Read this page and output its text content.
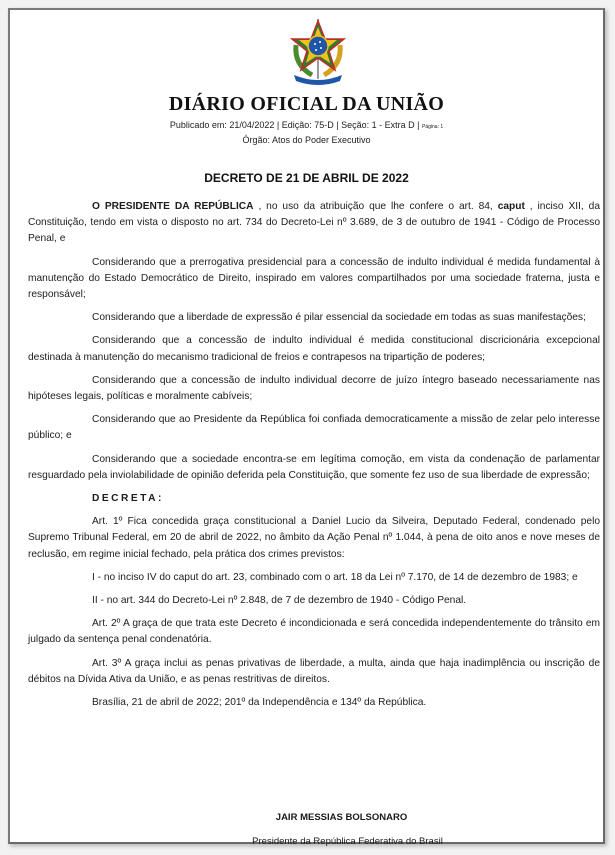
DIÁRIO OFICIAL DA UNIÃO
Publicado em: 21/04/2022 | Edição: 75-D | Seção: 1 - Extra D | Página: 1
Órgão: Atos do Poder Executivo
DECRETO DE 21 DE ABRIL DE 2022

O PRESIDENTE DA REPÚBLICA , no uso da atribuição que lhe confere o art. 84, caput , inciso XII, da Constituição, tendo em vista o disposto no art. 734 do Decreto-Lei nº 3.689, de 3 de outubro de 1941 - Código de Processo Penal, e

Considerando que a prerrogativa presidencial para a concessão de indulto individual é medida fundamental à manutenção do Estado Democrático de Direito, inspirado em valores compartilhados por uma sociedade fraterna, justa e responsável;

Considerando que a liberdade de expressão é pilar essencial da sociedade em todas as suas manifestações;

Considerando que a concessão de indulto individual é medida constitucional discricionária excepcional destinada à manutenção do mecanismo tradicional de freios e contrapesos na tripartição de poderes;

Considerando que a concessão de indulto individual decorre de juízo íntegro baseado necessariamente nas hipóteses legais, políticas e moralmente cabíveis;

Considerando que ao Presidente da República foi confiada democraticamente a missão de zelar pelo interesse público; e

Considerando que a sociedade encontra-se em legítima comoção, em vista da condenação de parlamentar resguardado pela inviolabilidade de opinião deferida pela Constituição, que somente fez uso de sua liberdade de expressão;

DECRETA:

Art. 1º Fica concedida graça constitucional a Daniel Lucio da Silveira, Deputado Federal, condenado pelo Supremo Tribunal Federal, em 20 de abril de 2022, no âmbito da Ação Penal nº 1.044, à pena de oito anos e nove meses de reclusão, em regime inicial fechado, pela prática dos crimes previstos:

I - no inciso IV do caput do art. 23, combinado com o art. 18 da Lei nº 7.170, de 14 de dezembro de 1983; e

II - no art. 344 do Decreto-Lei nº 2.848, de 7 de dezembro de 1940 - Código Penal.

Art. 2º A graça de que trata este Decreto é incondicionada e será concedida independentemente do trânsito em julgado da sentença penal condenatória.

Art. 3º A graça inclui as penas privativas de liberdade, a multa, ainda que haja inadimplência ou inscrição de débitos na Dívida Ativa da União, e as penas restritivas de direitos.

Brasília, 21 de abril de 2022; 201º da Independência e 134º da República.

JAIR MESSIAS BOLSONARO
Presidente da República Federativa do Brasil
